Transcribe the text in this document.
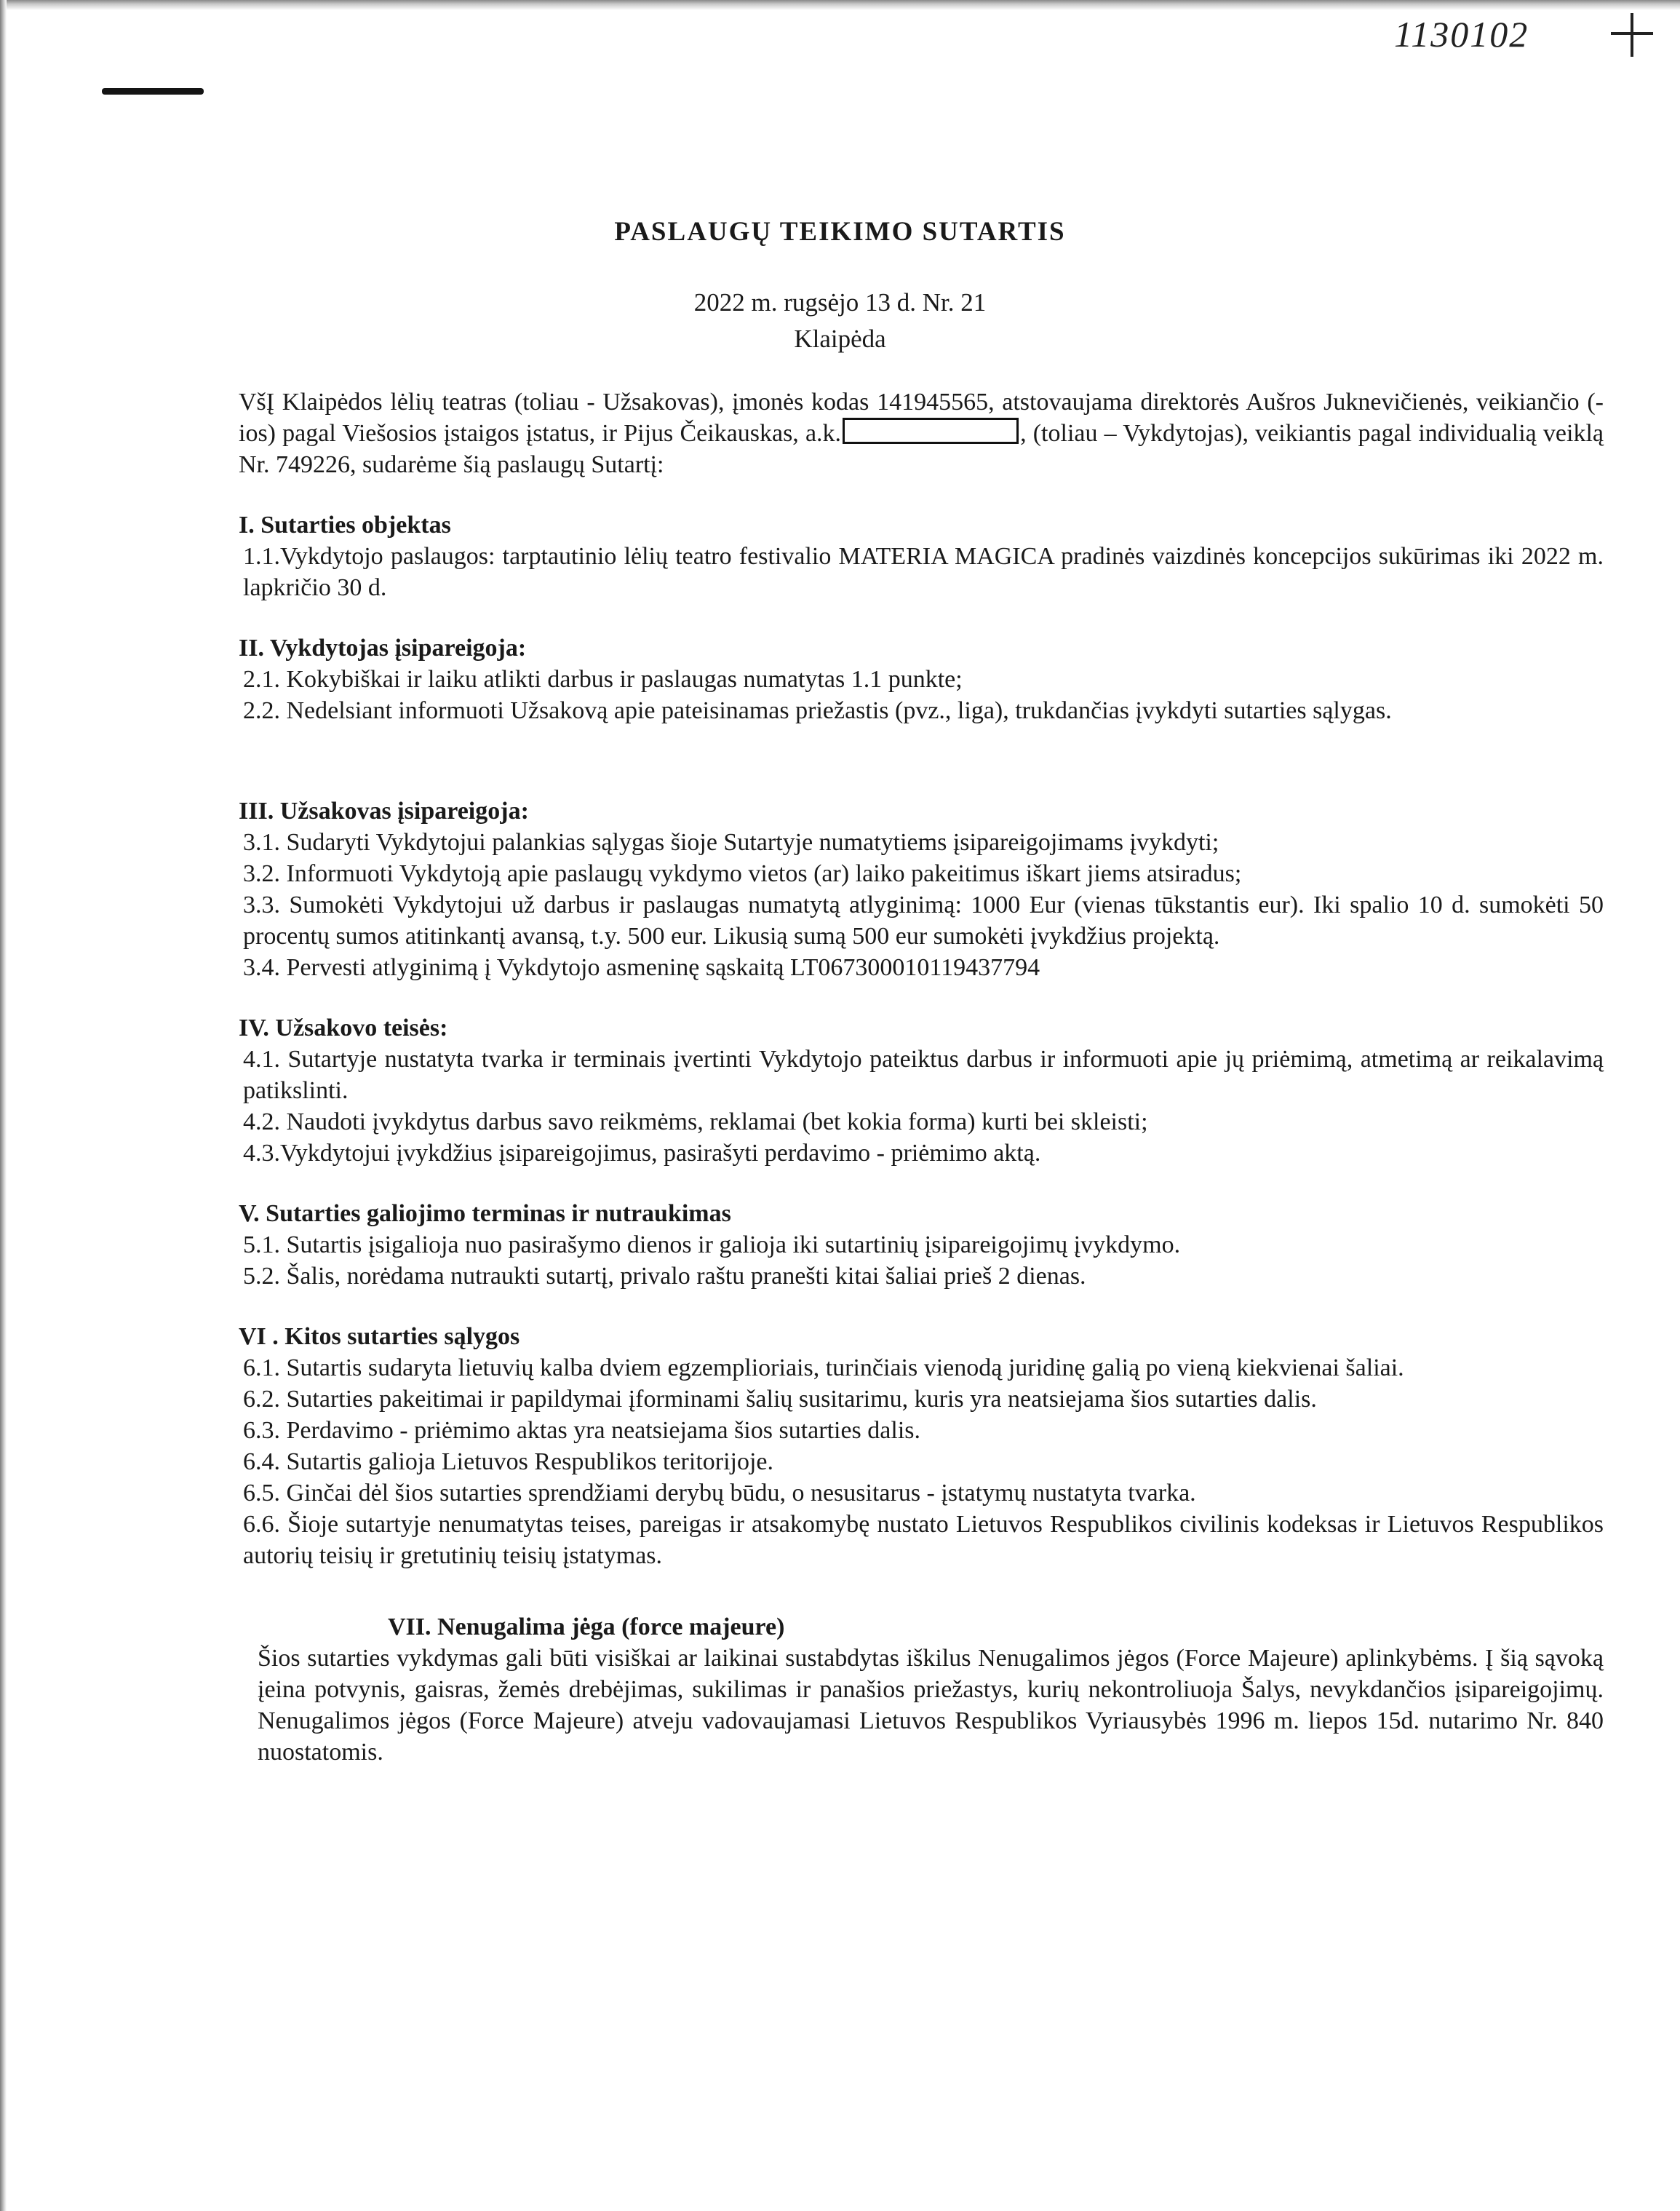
1130102
PASLAUGŲ TEIKIMO SUTARTIS
2022 m. rugsėjo 13 d. Nr. 21
Klaipėda

VšĮ Klaipėdos lėlių teatras (toliau - Užsakovas), įmonės kodas 141945565, atstovaujama direktorės Aušros Juknevičienės, veikiančio (-ios) pagal Viešosios įstaigos įstatus, ir Pijus Čeikauskas, a.k.	, (toliau – Vykdytojas), veikiantis pagal individualią veiklą Nr. 749226, sudarėme šią paslaugų Sutartį:

I. Sutarties objektas

1.1.Vykdytojo paslaugos: tarptautinio lėlių teatro festivalio MATERIA MAGICA pradinės vaizdinės koncepcijos sukūrimas iki 2022 m. lapkričio 30 d.

II. Vykdytojas įsipareigoja:

2.1. Kokybiškai ir laiku atlikti darbus ir paslaugas numatytas 1.1 punkte;

2.2. Nedelsiant informuoti Užsakovą apie pateisinamas priežastis (pvz., liga), trukdančias įvykdyti sutarties sąlygas.

III. Užsakovas įsipareigoja:

3.1. Sudaryti Vykdytojui palankias sąlygas šioje Sutartyje numatytiems įsipareigojimams įvykdyti;

3.2. Informuoti Vykdytoją apie paslaugų vykdymo vietos (ar) laiko pakeitimus iškart jiems atsiradus;

3.3. Sumokėti Vykdytojui už darbus ir paslaugas numatytą atlyginimą: 1000 Eur (vienas tūkstantis eur). Iki spalio 10 d. sumokėti 50 procentų sumos atitinkantį avansą, t.y. 500 eur. Likusią sumą 500 eur sumokėti įvykdžius projektą.

3.4. Pervesti atlyginimą į Vykdytojo asmeninę sąskaitą LT067300010119437794

IV. Užsakovo teisės:

4.1. Sutartyje nustatyta tvarka ir terminais įvertinti Vykdytojo pateiktus darbus ir informuoti apie jų priėmimą, atmetimą ar reikalavimą patikslinti.

4.2. Naudoti įvykdytus darbus savo reikmėms, reklamai (bet kokia forma) kurti bei skleisti;

4.3.Vykdytojui įvykdžius įsipareigojimus, pasirašyti perdavimo - priėmimo aktą.

V. Sutarties galiojimo terminas ir nutraukimas

5.1. Sutartis įsigalioja nuo pasirašymo dienos ir galioja iki sutartinių įsipareigojimų įvykdymo.

5.2. Šalis, norėdama nutraukti sutartį, privalo raštu pranešti kitai šaliai prieš 2 dienas.

VI . Kitos sutarties sąlygos

6.1. Sutartis sudaryta lietuvių kalba dviem egzemplioriais, turinčiais vienodą juridinę galią po vieną kiekvienai šaliai.

6.2. Sutarties pakeitimai ir papildymai įforminami šalių susitarimu, kuris yra neatsiejama šios sutarties dalis.

6.3. Perdavimo - priėmimo aktas yra neatsiejama šios sutarties dalis.

6.4. Sutartis galioja Lietuvos Respublikos teritorijoje.

6.5. Ginčai dėl šios sutarties sprendžiami derybų būdu, o nesusitarus - įstatymų nustatyta tvarka.

6.6. Šioje sutartyje nenumatytas teises, pareigas ir atsakomybę nustato Lietuvos Respublikos civilinis kodeksas ir Lietuvos Respublikos autorių teisių ir gretutinių teisių įstatymas.

VII. Nenugalima jėga (force majeure)

Šios sutarties vykdymas gali būti visiškai ar laikinai sustabdytas iškilus Nenugalimos jėgos (Force Majeure) aplinkybėms. Į šią sąvoką įeina potvynis, gaisras, žemės drebėjimas, sukilimas ir panašios priežastys, kurių nekontroliuoja Šalys, nevykdančios įsipareigojimų. Nenugalimos jėgos (Force Majeure) atveju vadovaujamasi Lietuvos Respublikos Vyriausybės 1996 m. liepos 15d. nutarimo Nr. 840 nuostatomis.
